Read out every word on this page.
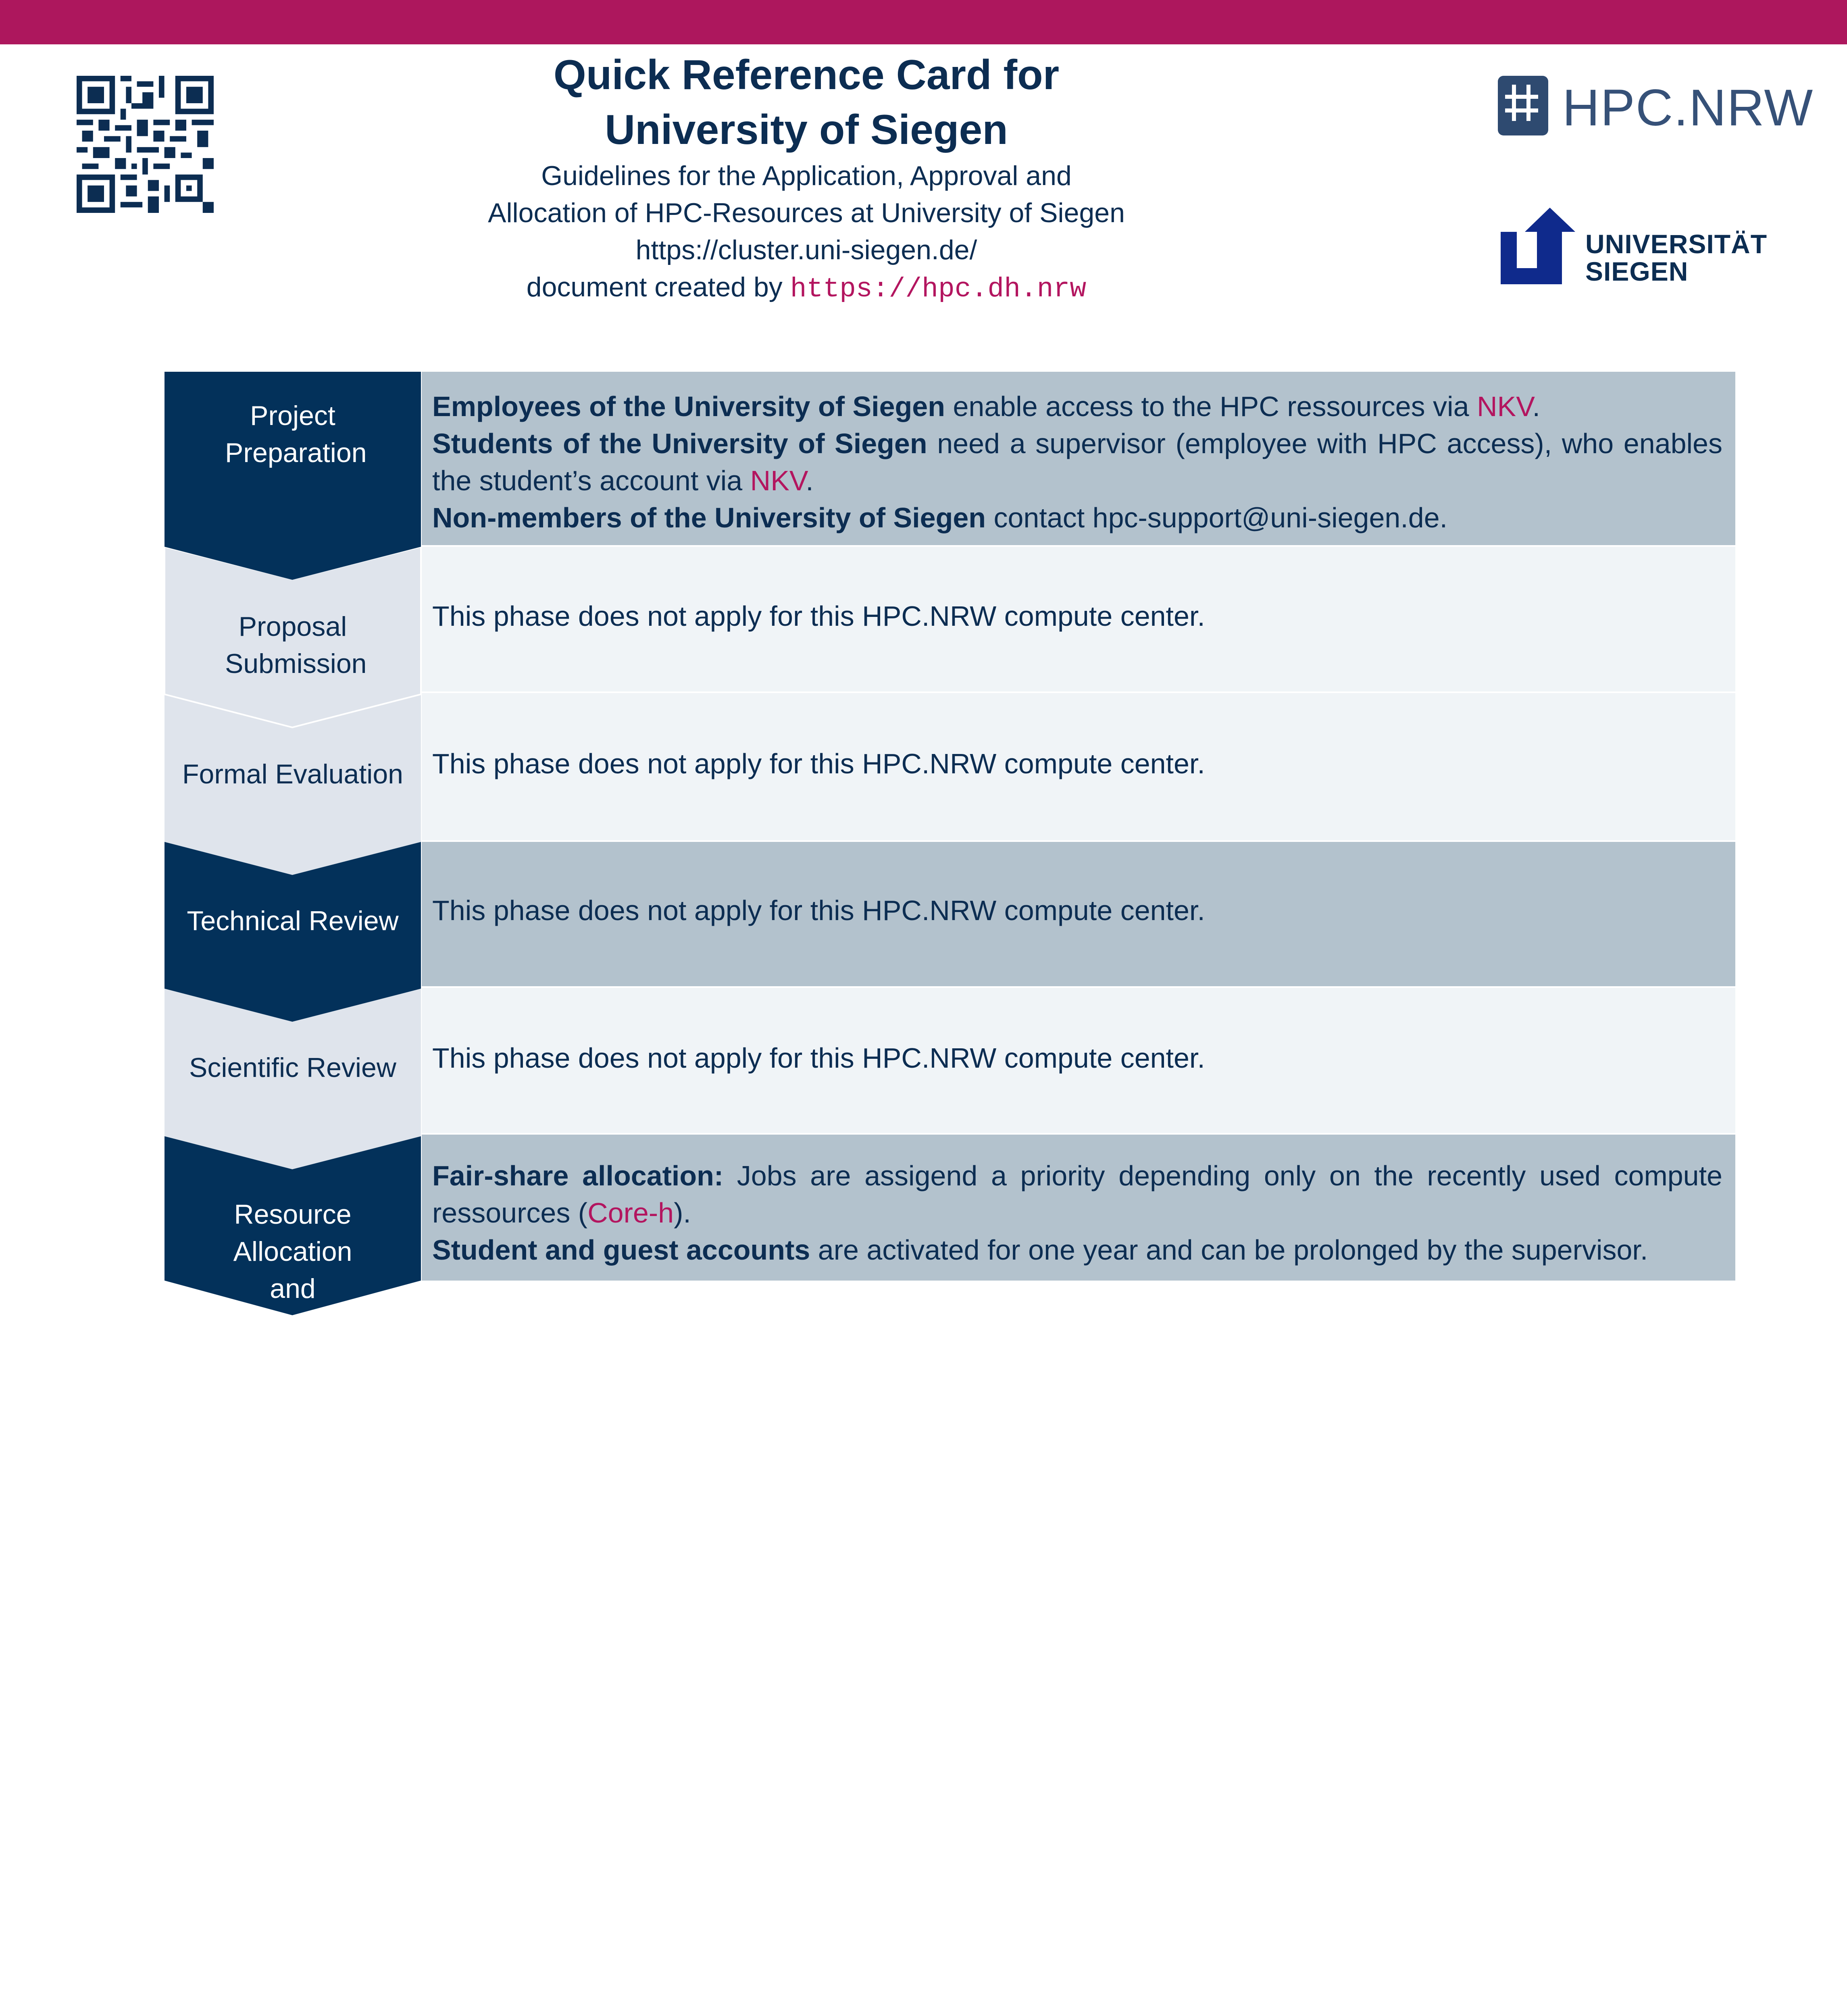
Quick Reference Card for
University of Siegen
Guidelines for the Application, Approval and
Allocation of HPC-Resources at University of Siegen
https://cluster.uni-siegen.de/
document created by https://hpc.dh.nrw
HPC.NRW
UNIVERSITÄT
SIEGEN
Project Preparation
Proposal Submission
Formal Evaluation
Technical Review
Scientific Review
Resource Allocation and Monitoring
Employees of the University of Siegen enable access to the HPC ressources via NKV.
Students of the University of Siegen need a supervisor (employee with HPC access), who enables the student’s account via NKV.
Non-members of the University of Siegen contact hpc-support@uni-siegen.de.
This phase does not apply for this HPC.NRW compute center.
This phase does not apply for this HPC.NRW compute center.
This phase does not apply for this HPC.NRW compute center.
This phase does not apply for this HPC.NRW compute center.
Fair-share allocation: Jobs are assigend a priority depending only on the recently used compute ressources (Core-h).
Student and guest accounts are activated for one year and can be prolonged by the supervisor.
